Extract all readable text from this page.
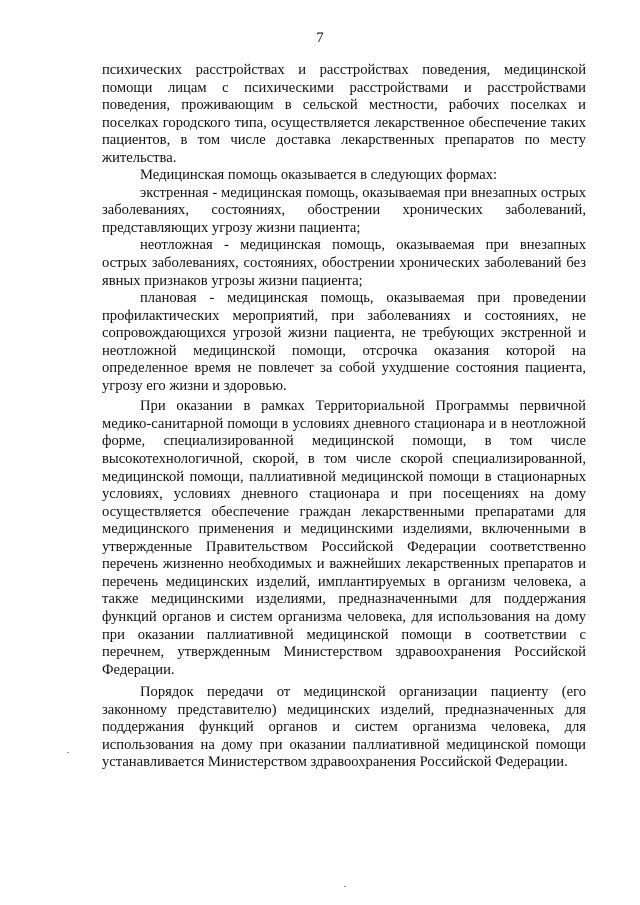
7

психических расстройствах и расстройствах поведения, медицинской помощи лицам с психическими расстройствами и расстройствами поведения, проживающим в сельской местности, рабочих поселках и поселках городского типа, осуществляется лекарственное обеспечение таких пациентов, в том числе доставка лекарственных препаратов по месту жительства.

Медицинская помощь оказывается в следующих формах:

экстренная - медицинская помощь, оказываемая при внезапных острых заболеваниях, состояниях, обострении хронических заболеваний, представляющих угрозу жизни пациента;

неотложная - медицинская помощь, оказываемая при внезапных острых заболеваниях, состояниях, обострении хронических заболеваний без явных признаков угрозы жизни пациента;

плановая - медицинская помощь, оказываемая при проведении профилактических мероприятий, при заболеваниях и состояниях, не сопровождающихся угрозой жизни пациента, не требующих экстренной и неотложной медицинской помощи, отсрочка оказания которой на определенное время не повлечет за собой ухудшение состояния пациента, угрозу его жизни и здоровью.

При оказании в рамках Территориальной Программы первичной медико-санитарной помощи в условиях дневного стационара и в неотложной форме, специализированной медицинской помощи, в том числе высокотехнологичной, скорой, в том числе скорой специализированной, медицинской помощи, паллиативной медицинской помощи в стационарных условиях, условиях дневного стационара и при посещениях на дому осуществляется обеспечение граждан лекарственными препаратами для медицинского применения и медицинскими изделиями, включенными в утвержденные Правительством Российской Федерации соответственно перечень жизненно необходимых и важнейших лекарственных препаратов и перечень медицинских изделий, имплантируемых в организм человека, а также медицинскими изделиями, предназначенными для поддержания функций органов и систем организма человека, для использования на дому при оказании паллиативной медицинской помощи в соответствии с перечнем, утвержденным Министерством здравоохранения Российской Федерации.

Порядок передачи от медицинской организации пациенту (его законному представителю) медицинских изделий, предназначенных для поддержания функций органов и систем организма человека, для использования на дому при оказании паллиативной медицинской помощи устанавливается Министерством здравоохранения Российской Федерации.
